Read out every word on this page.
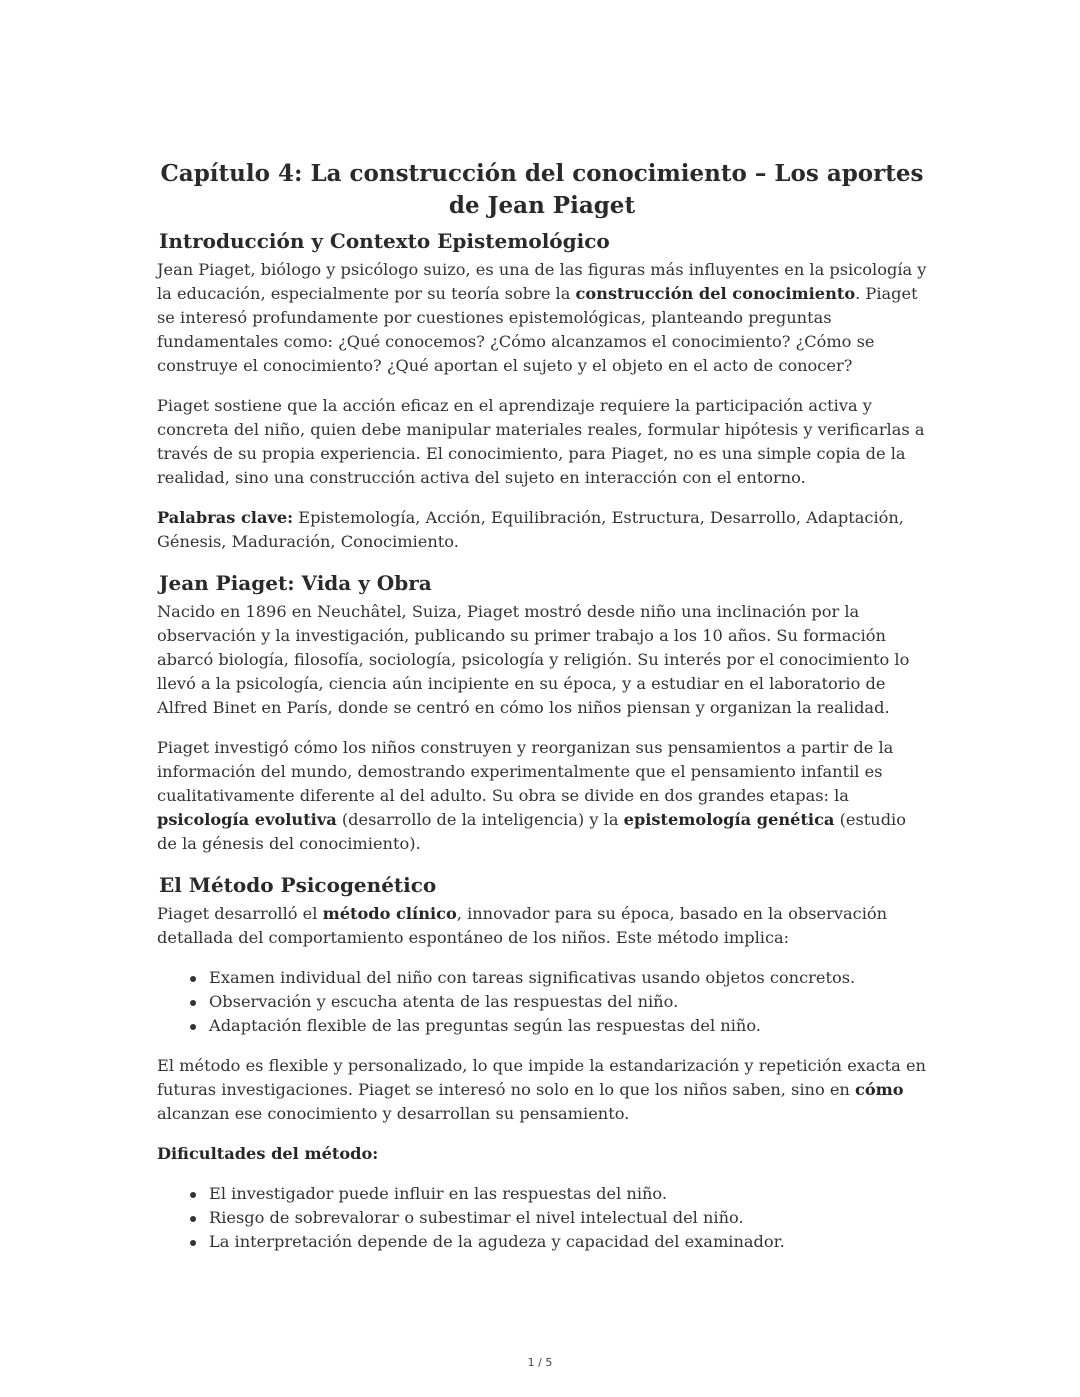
Capítulo 4: La construcción del conocimiento – Los aportes de Jean Piaget
Introducción y Contexto Epistemológico

Jean Piaget, biólogo y psicólogo suizo, es una de las figuras más influyentes en la psicología y la educación, especialmente por su teoría sobre la construcción del conocimiento. Piaget se interesó profundamente por cuestiones epistemológicas, planteando preguntas fundamentales como: ¿Qué conocemos? ¿Cómo alcanzamos el conocimiento? ¿Cómo se construye el conocimiento? ¿Qué aportan el sujeto y el objeto en el acto de conocer?

Piaget sostiene que la acción eficaz en el aprendizaje requiere la participación activa y concreta del niño, quien debe manipular materiales reales, formular hipótesis y verificarlas a través de su propia experiencia. El conocimiento, para Piaget, no es una simple copia de la realidad, sino una construcción activa del sujeto en interacción con el entorno.

Palabras clave: Epistemología, Acción, Equilibración, Estructura, Desarrollo, Adaptación, Génesis, Maduración, Conocimiento.

Jean Piaget: Vida y Obra

Nacido en 1896 en Neuchâtel, Suiza, Piaget mostró desde niño una inclinación por la observación y la investigación, publicando su primer trabajo a los 10 años. Su formación abarcó biología, filosofía, sociología, psicología y religión. Su interés por el conocimiento lo llevó a la psicología, ciencia aún incipiente en su época, y a estudiar en el laboratorio de Alfred Binet en París, donde se centró en cómo los niños piensan y organizan la realidad.

Piaget investigó cómo los niños construyen y reorganizan sus pensamientos a partir de la información del mundo, demostrando experimentalmente que el pensamiento infantil es cualitativamente diferente al del adulto. Su obra se divide en dos grandes etapas: la psicología evolutiva (desarrollo de la inteligencia) y la epistemología genética (estudio de la génesis del conocimiento).

El Método Psicogenético

Piaget desarrolló el método clínico, innovador para su época, basado en la observación detallada del comportamiento espontáneo de los niños. Este método implica:

Examen individual del niño con tareas significativas usando objetos concretos.
Observación y escucha atenta de las respuestas del niño.
Adaptación flexible de las preguntas según las respuestas del niño.

El método es flexible y personalizado, lo que impide la estandarización y repetición exacta en futuras investigaciones. Piaget se interesó no solo en lo que los niños saben, sino en cómo alcanzan ese conocimiento y desarrollan su pensamiento.

Dificultades del método:

El investigador puede influir en las respuestas del niño.
Riesgo de sobrevalorar o subestimar el nivel intelectual del niño.
La interpretación depende de la agudeza y capacidad del examinador.
1 / 5
